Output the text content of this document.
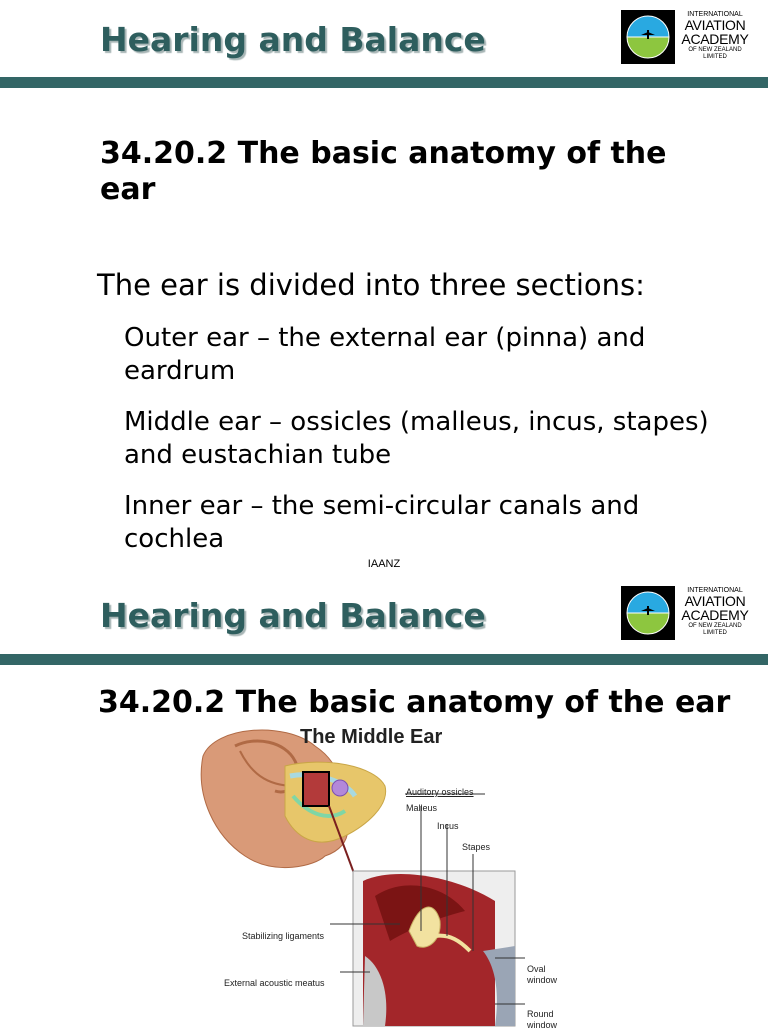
Hearing and Balance
INTERNATIONAL
AVIATION
ACADEMY
OF NEW ZEALAND
LIMITED
34.20.2 The basic anatomy of the ear
The ear is divided into three sections:
Outer ear – the external ear (pinna) and eardrum
Middle ear – ossicles (malleus, incus, stapes) and eustachian tube
Inner ear – the semi-circular canals and cochlea
IAANZ
Hearing and Balance
INTERNATIONAL
AVIATION
ACADEMY
OF NEW ZEALAND
LIMITED
34.20.2 The basic anatomy of the ear
The Middle Ear
Auditory ossicles
Malleus
Incus
Stapes
Stabilizing ligaments
External acoustic meatus
Oval window
Round window
